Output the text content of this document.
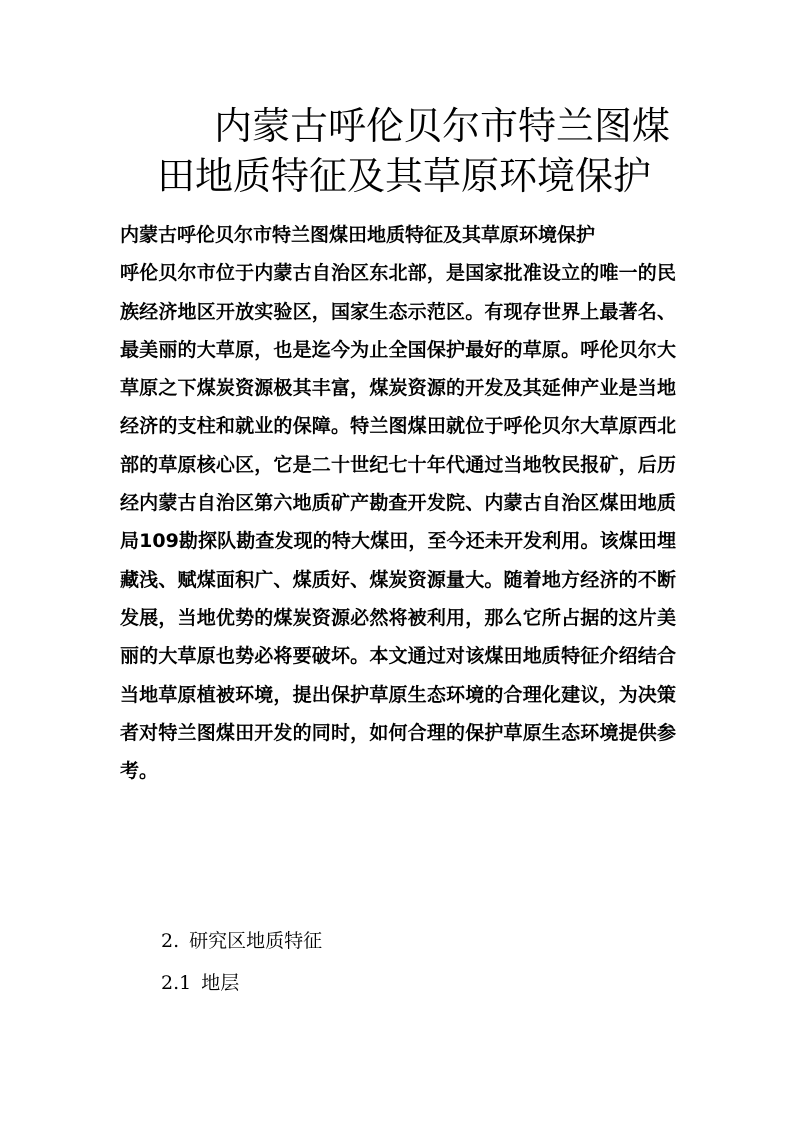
内蒙古呼伦贝尔市特兰图煤
田地质特征及其草原环境保护
内蒙古呼伦贝尔市特兰图煤田地质特征及其草原环境保护
呼伦贝尔市位于内蒙古自治区东北部，是国家批准设立的唯一的民族经济地区开放实验区，国家生态示范区。有现存世界上最著名、最美丽的大草原，也是迄今为止全国保护最好的草原。呼伦贝尔大草原之下煤炭资源极其丰富，煤炭资源的开发及其延伸产业是当地经济的支柱和就业的保障。特兰图煤田就位于呼伦贝尔大草原西北部的草原核心区，它是二十世纪七十年代通过当地牧民报矿，后历经内蒙古自治区第六地质矿产勘查开发院、内蒙古自治区煤田地质局109勘探队勘查发现的特大煤田，至今还未开发利用。该煤田埋藏浅、赋煤面积广、煤质好、煤炭资源量大。随着地方经济的不断发展，当地优势的煤炭资源必然将被利用，那么它所占据的这片美丽的大草原也势必将要破坏。本文通过对该煤田地质特征介绍结合当地草原植被环境，提出保护草原生态环境的合理化建议，为决策者对特兰图煤田开发的同时，如何合理的保护草原生态环境提供参考。
2. 研究区地质特征
2.1 地层
